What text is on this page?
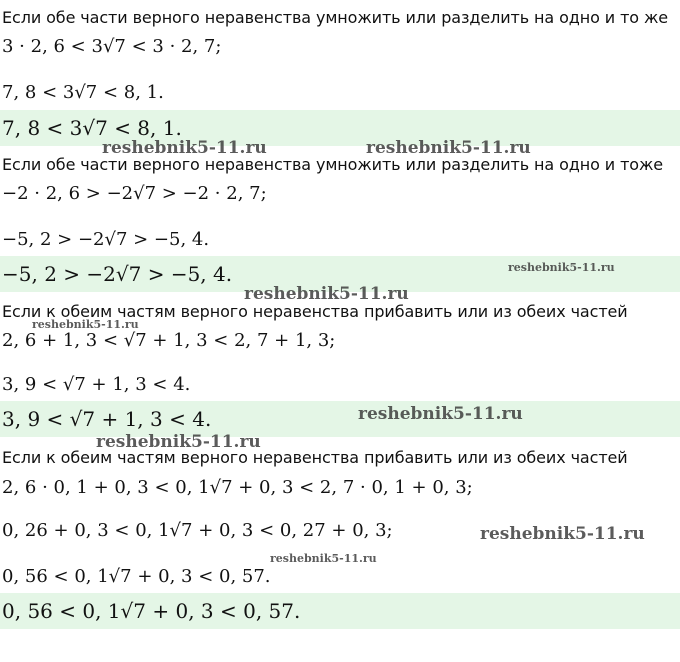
Если обе части верного неравенства умножить или разделить на одно и то же
3 · 2, 6 < 3√7 < 3 · 2, 7;
7, 8 < 3√7 < 8, 1.
7, 8 < 3√7 < 8, 1.
Если обе части верного неравенства умножить или разделить на одно и тоже
−2 · 2, 6 > −2√7 > −2 · 2, 7;
−5, 2 > −2√7 > −5, 4.
−5, 2 > −2√7 > −5, 4.
Если к обеим частям верного неравенства прибавить или из обеих частей
2, 6 + 1, 3 < √7 + 1, 3 < 2, 7 + 1, 3;
3, 9 < √7 + 1, 3 < 4.
3, 9 < √7 + 1, 3 < 4.
Если к обеим частям верного неравенства прибавить или из обеих частей
2, 6 · 0, 1 + 0, 3 < 0, 1√7 + 0, 3 < 2, 7 · 0, 1 + 0, 3;
0, 26 + 0, 3 < 0, 1√7 + 0, 3 < 0, 27 + 0, 3;
0, 56 < 0, 1√7 + 0, 3 < 0, 57.
0, 56 < 0, 1√7 + 0, 3 < 0, 57.
reshebnik5-11.ru	reshebnik5-11.ru
reshebnik5-11.ru
reshebnik5-11.ru
reshebnik5-11.ru
reshebnik5-11.ru
reshebnik5-11.ru
reshebnik5-11.ru
reshebnik5-11.ru
